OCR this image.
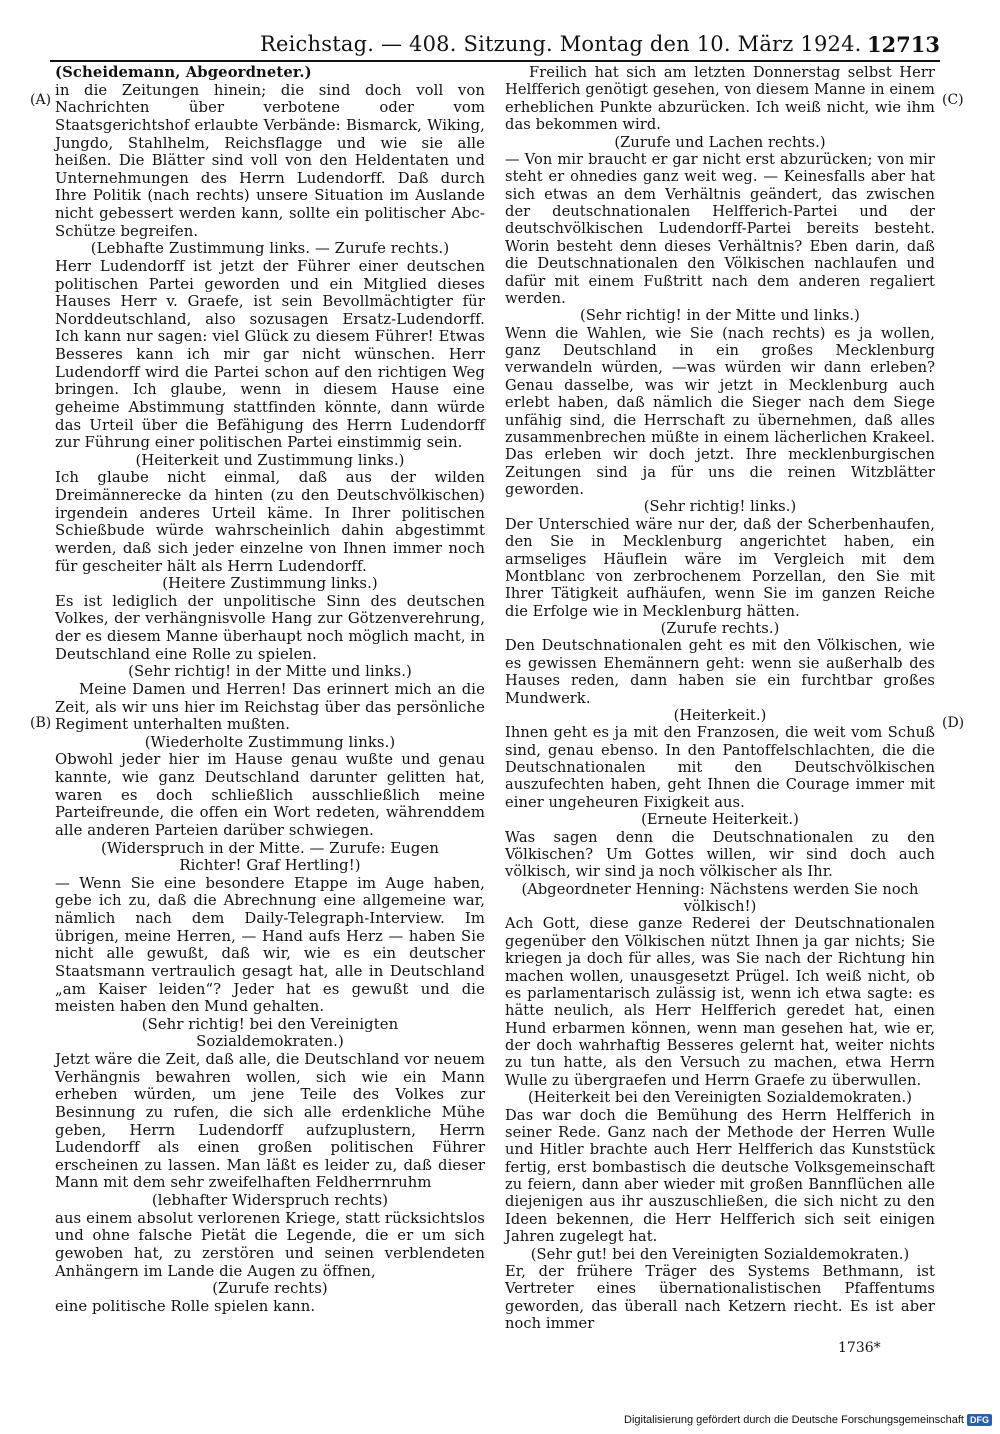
Reichstag. — 408. Sitzung. Montag den 10. März 1924. 12713
(A)
(B)
(C)
(D)

(Scheidemann, Abgeordneter.)

in die Zeitungen hinein; die sind doch voll von Nachrichten über verbotene oder vom Staatsgerichtshof erlaubte Verbände: Bismarck, Wiking, Jungdo, Stahlhelm, Reichsflagge und wie sie alle heißen. Die Blätter sind voll von den Heldentaten und Unternehmungen des Herrn Ludendorff. Daß durch Ihre Politik (nach rechts) unsere Situation im Auslande nicht gebessert werden kann, sollte ein politischer Abc-Schütze begreifen.

(Lebhafte Zustimmung links. — Zurufe rechts.)

Herr Ludendorff ist jetzt der Führer einer deutschen politischen Partei geworden und ein Mitglied dieses Hauses Herr v. Graefe, ist sein Bevollmächtigter für Norddeutschland, also sozusagen Ersatz-Ludendorff. Ich kann nur sagen: viel Glück zu diesem Führer! Etwas Besseres kann ich mir gar nicht wünschen. Herr Ludendorff wird die Partei schon auf den richtigen Weg bringen. Ich glaube, wenn in diesem Hause eine geheime Abstimmung stattfinden könnte, dann würde das Urteil über die Befähigung des Herrn Ludendorff zur Führung einer politischen Partei einstimmig sein.

(Heiterkeit und Zustimmung links.)

Ich glaube nicht einmal, daß aus der wilden Dreimännerecke da hinten (zu den Deutschvölkischen) irgendein anderes Urteil käme. In Ihrer politischen Schießbude würde wahrscheinlich dahin abgestimmt werden, daß sich jeder einzelne von Ihnen immer noch für gescheiter hält als Herrn Ludendorff.

(Heitere Zustimmung links.)

Es ist lediglich der unpolitische Sinn des deutschen Volkes, der verhängnisvolle Hang zur Götzenverehrung, der es diesem Manne überhaupt noch möglich macht, in Deutschland eine Rolle zu spielen.

(Sehr richtig! in der Mitte und links.)

Meine Damen und Herren! Das erinnert mich an die Zeit, als wir uns hier im Reichstag über das persönliche Regiment unterhalten mußten.

(Wiederholte Zustimmung links.)

Obwohl jeder hier im Hause genau wußte und genau kannte, wie ganz Deutschland darunter gelitten hat, waren es doch schließlich ausschließlich meine Parteifreunde, die offen ein Wort redeten, währenddem alle anderen Parteien darüber schwiegen.

(Widerspruch in der Mitte. — Zurufe: Eugen Richter! Graf Hertling!)

— Wenn Sie eine besondere Etappe im Auge haben, gebe ich zu, daß die Abrechnung eine allgemeine war, nämlich nach dem Daily-Telegraph-Interview. Im übrigen, meine Herren, — Hand aufs Herz — haben Sie nicht alle gewußt, daß wir, wie es ein deutscher Staatsmann vertraulich gesagt hat, alle in Deutschland „am Kaiser leiden“? Jeder hat es gewußt und die meisten haben den Mund gehalten.

(Sehr richtig! bei den Vereinigten Sozialdemokraten.)

Jetzt wäre die Zeit, daß alle, die Deutschland vor neuem Verhängnis bewahren wollen, sich wie ein Mann erheben würden, um jene Teile des Volkes zur Besinnung zu rufen, die sich alle erdenkliche Mühe geben, Herrn Ludendorff aufzuplustern, Herrn Ludendorff als einen großen politischen Führer erscheinen zu lassen. Man läßt es leider zu, daß dieser Mann mit dem sehr zweifelhaften Feldherrnruhm

(lebhafter Widerspruch rechts)

aus einem absolut verlorenen Kriege, statt rücksichtslos und ohne falsche Pietät die Legende, die er um sich gewoben hat, zu zerstören und seinen verblendeten Anhängern im Lande die Augen zu öffnen,

(Zurufe rechts)

eine politische Rolle spielen kann.

Freilich hat sich am letzten Donnerstag selbst Herr Helfferich genötigt gesehen, von diesem Manne in einem erheblichen Punkte abzurücken. Ich weiß nicht, wie ihm das bekommen wird.

(Zurufe und Lachen rechts.)

— Von mir braucht er gar nicht erst abzurücken; von mir steht er ohnedies ganz weit weg. — Keinesfalls aber hat sich etwas an dem Verhältnis geändert, das zwischen der deutschnationalen Helfferich-Partei und der deutschvölkischen Ludendorff-Partei bereits besteht. Worin besteht denn dieses Verhältnis? Eben darin, daß die Deutschnationalen den Völkischen nachlaufen und dafür mit einem Fußtritt nach dem anderen regaliert werden.

(Sehr richtig! in der Mitte und links.)

Wenn die Wahlen, wie Sie (nach rechts) es ja wollen, ganz Deutschland in ein großes Mecklenburg verwandeln würden, —was würden wir dann erleben? Genau dasselbe, was wir jetzt in Mecklenburg auch erlebt haben, daß nämlich die Sieger nach dem Siege unfähig sind, die Herrschaft zu übernehmen, daß alles zusammenbrechen müßte in einem lächerlichen Krakeel. Das erleben wir doch jetzt. Ihre mecklenburgischen Zeitungen sind ja für uns die reinen Witzblätter geworden.

(Sehr richtig! links.)

Der Unterschied wäre nur der, daß der Scherbenhaufen, den Sie in Mecklenburg angerichtet haben, ein armseliges Häuflein wäre im Vergleich mit dem Montblanc von zerbrochenem Porzellan, den Sie mit Ihrer Tätigkeit aufhäufen, wenn Sie im ganzen Reiche die Erfolge wie in Mecklenburg hätten.

(Zurufe rechts.)

Den Deutschnationalen geht es mit den Völkischen, wie es gewissen Ehemännern geht: wenn sie außerhalb des Hauses reden, dann haben sie ein furchtbar großes Mundwerk.

(Heiterkeit.)

Ihnen geht es ja mit den Franzosen, die weit vom Schuß sind, genau ebenso. In den Pantoffelschlachten, die die Deutschnationalen mit den Deutschvölkischen auszufechten haben, geht Ihnen die Courage immer mit einer ungeheuren Fixigkeit aus.

(Erneute Heiterkeit.)

Was sagen denn die Deutschnationalen zu den Völkischen? Um Gottes willen, wir sind doch auch völkisch, wir sind ja noch völkischer als Ihr.

(Abgeordneter Henning: Nächstens werden Sie noch völkisch!)

Ach Gott, diese ganze Rederei der Deutschnationalen gegenüber den Völkischen nützt Ihnen ja gar nichts; Sie kriegen ja doch für alles, was Sie nach der Richtung hin machen wollen, unausgesetzt Prügel. Ich weiß nicht, ob es parlamentarisch zulässig ist, wenn ich etwa sagte: es hätte neulich, als Herr Helfferich geredet hat, einen Hund erbarmen können, wenn man gesehen hat, wie er, der doch wahrhaftig Besseres gelernt hat, weiter nichts zu tun hatte, als den Versuch zu machen, etwa Herrn Wulle zu übergraefen und Herrn Graefe zu überwullen.

(Heiterkeit bei den Vereinigten Sozialdemokraten.)

Das war doch die Bemühung des Herrn Helfferich in seiner Rede. Ganz nach der Methode der Herren Wulle und Hitler brachte auch Herr Helfferich das Kunststück fertig, erst bombastisch die deutsche Volksgemeinschaft zu feiern, dann aber wieder mit großen Bannflüchen alle diejenigen aus ihr auszuschließen, die sich nicht zu den Ideen bekennen, die Herr Helfferich sich seit einigen Jahren zugelegt hat.

(Sehr gut! bei den Vereinigten Sozialdemokraten.)

Er, der frühere Träger des Systems Bethmann, ist Vertreter eines übernationalistischen Pfaffentums geworden, das überall nach Ketzern riecht. Es ist aber noch immer

1736*
Digitalisierung gefördert durch die Deutsche Forschungsgemeinschaft DFG
